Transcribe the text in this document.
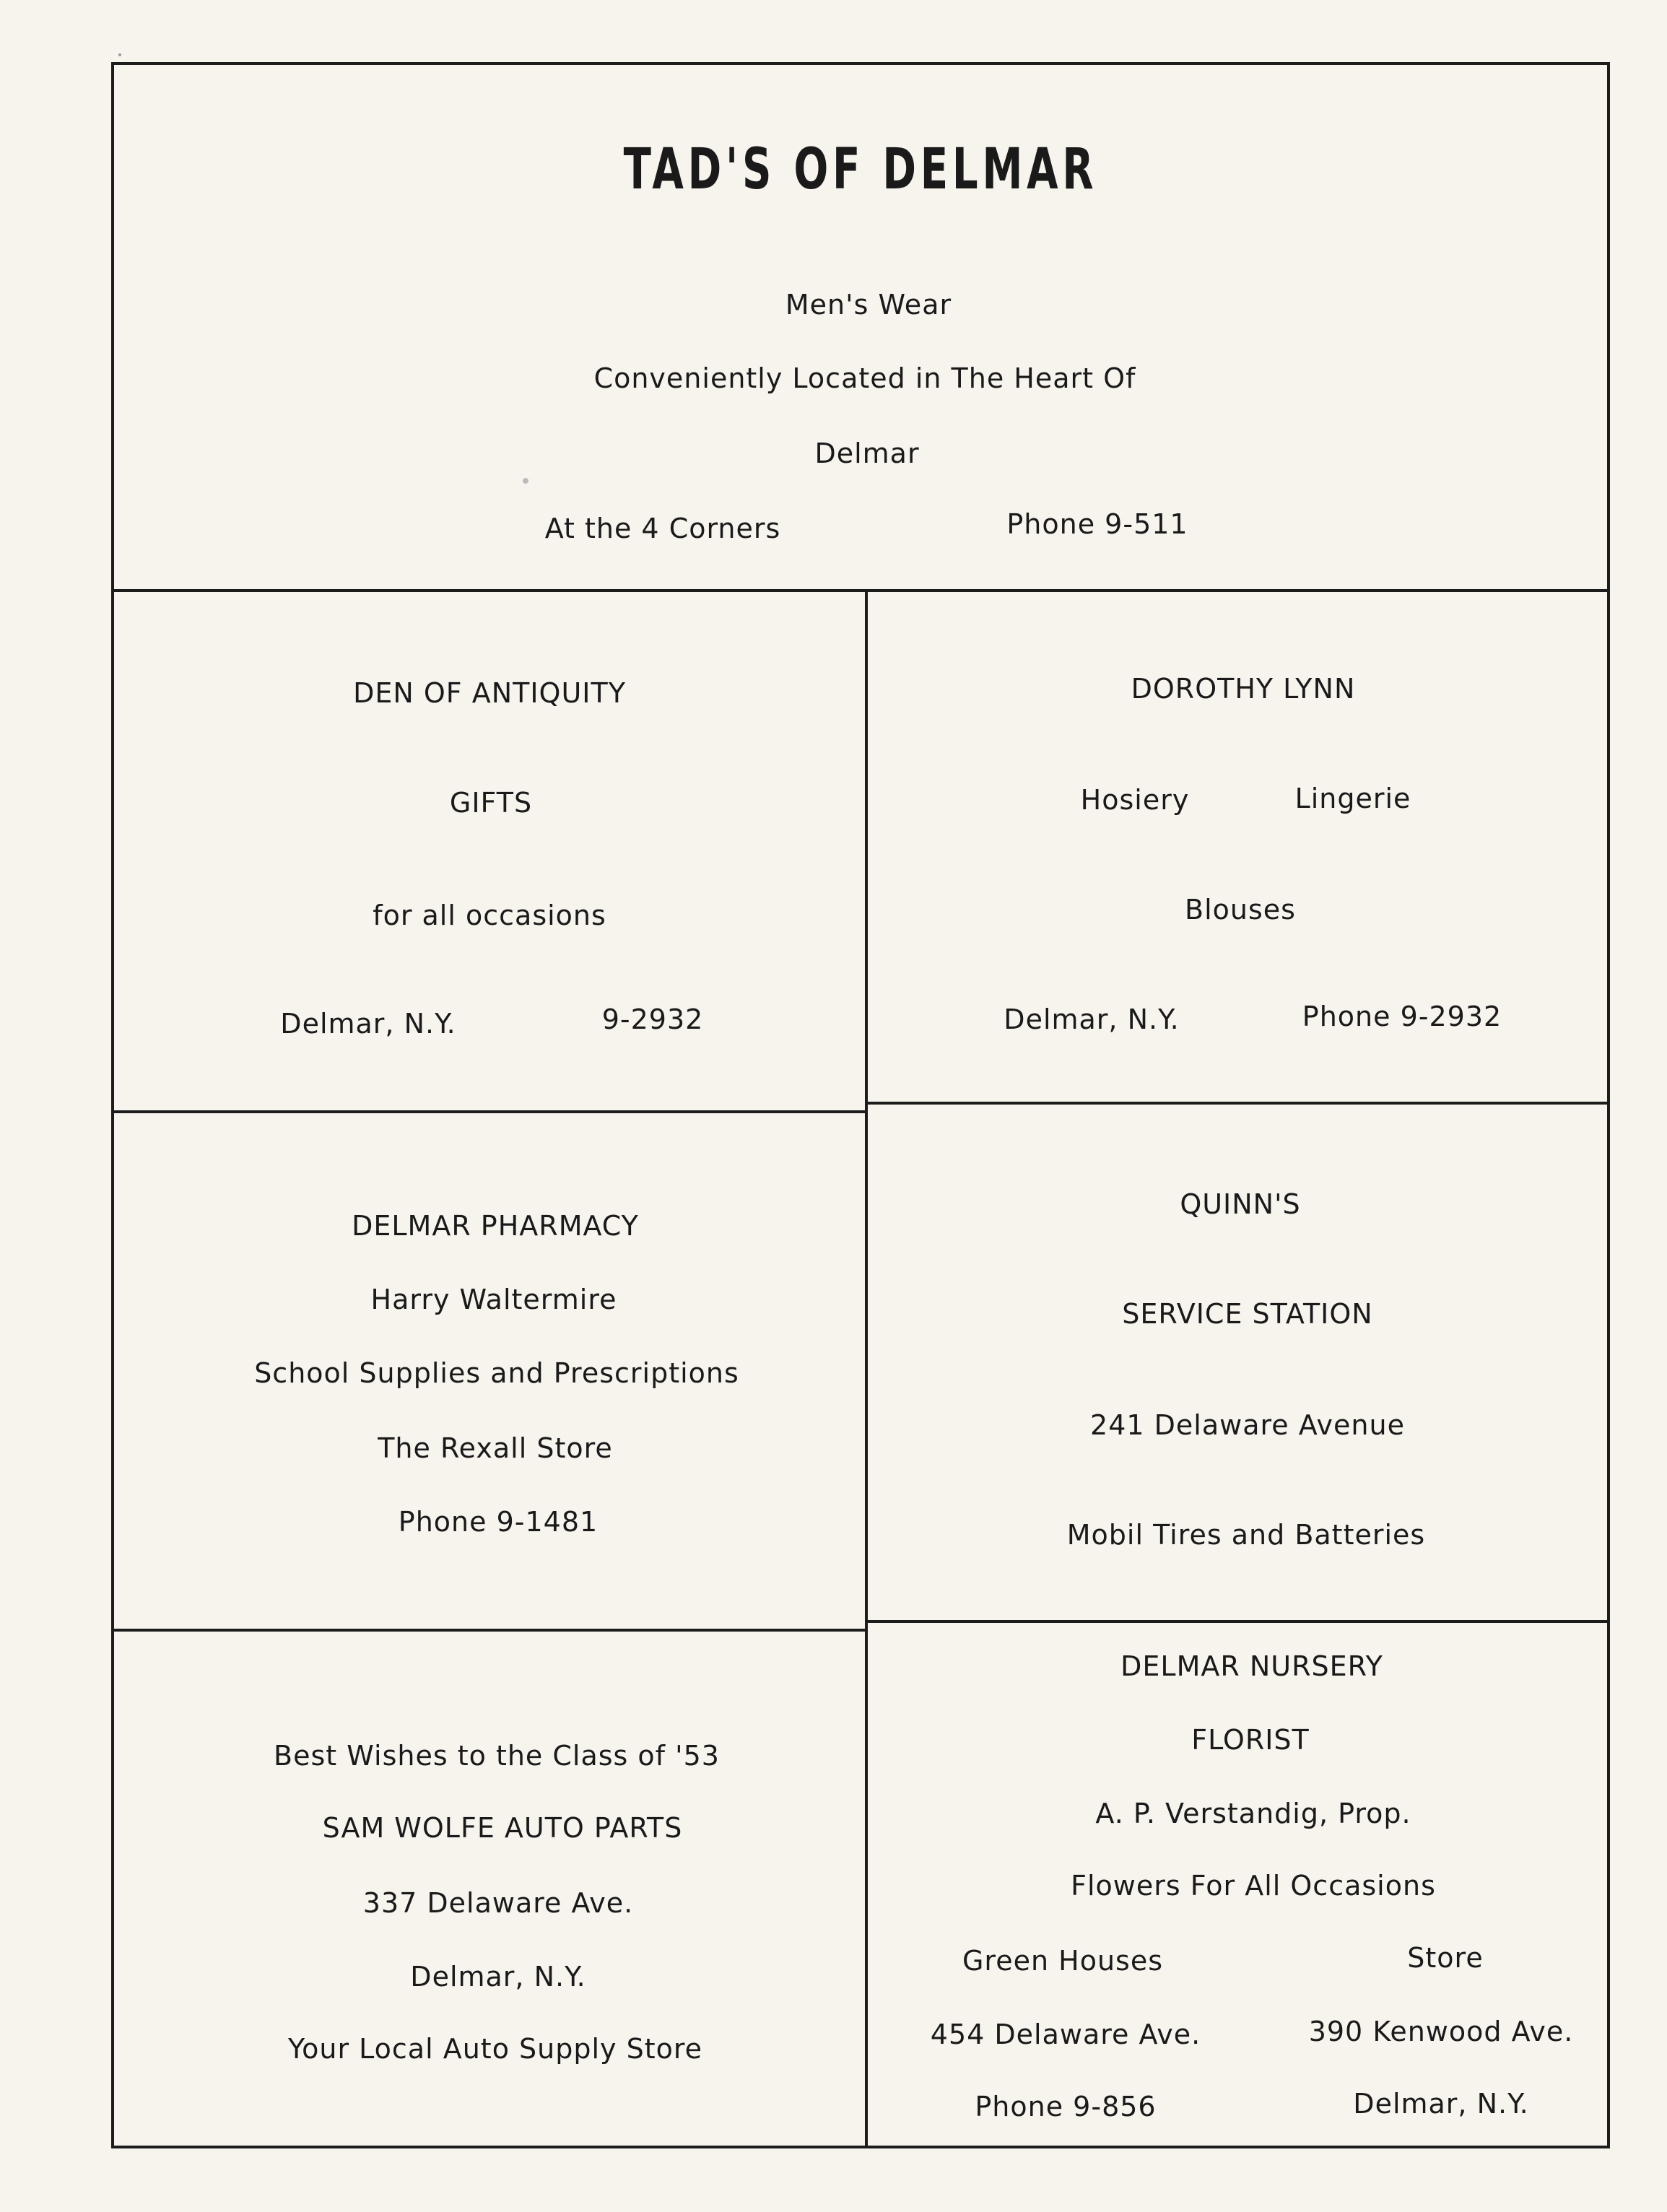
TAD'S OF DELMAR
Men's Wear
Conveniently Located in The Heart Of
Delmar
At the 4 Corners	Phone 9-511
DEN OF ANTIQUITY
GIFTS
for all occasions
Delmar, N.Y.	9-2932
DOROTHY LYNN
Hosiery	Lingerie
Blouses
Delmar, N.Y.	Phone 9-2932
DELMAR PHARMACY
Harry Waltermire
School Supplies and Prescriptions
The Rexall Store
Phone 9-1481
QUINN'S
SERVICE STATION
241 Delaware Avenue
Mobil Tires and Batteries
Best Wishes to the Class of '53
SAM WOLFE AUTO PARTS
337 Delaware Ave.
Delmar, N.Y.
Your Local Auto Supply Store
DELMAR NURSERY
FLORIST
A. P. Verstandig, Prop.
Flowers For All Occasions
Green Houses	Store
454 Delaware Ave.	390 Kenwood Ave.
Phone 9-856	Delmar, N.Y.
